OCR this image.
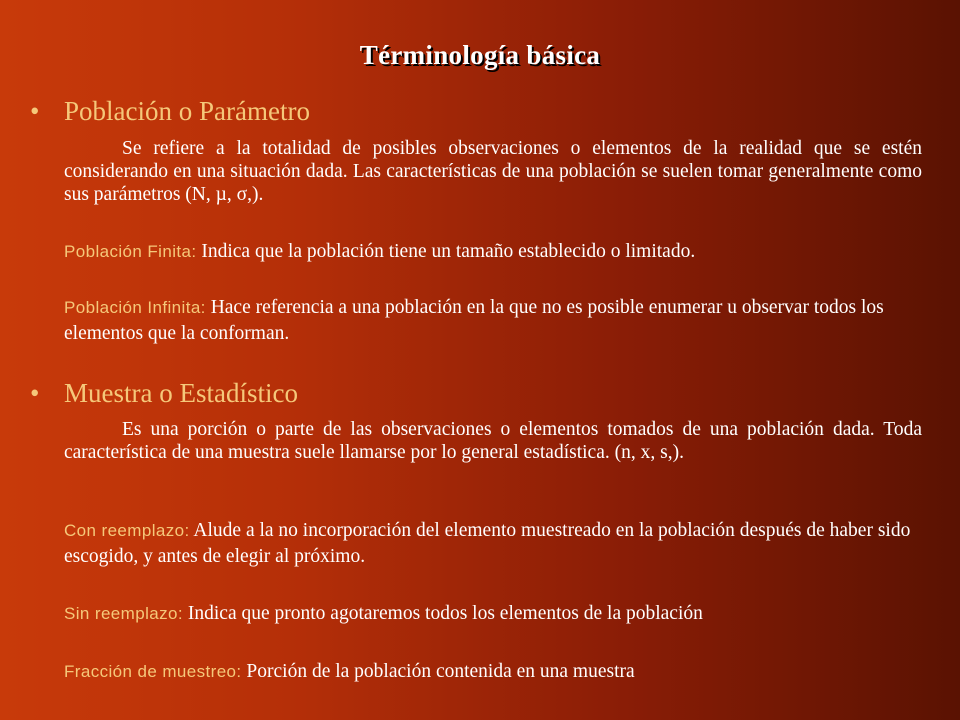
Términología básica
• Población o Parámetro
Se refiere a la totalidad de posibles observaciones o elementos de la realidad que se estén considerando en una situación dada. Las características de una población se suelen tomar generalmente como sus parámetros (N, µ, σ,).
Población Finita: Indica que la población tiene un tamaño establecido o limitado.
Población Infinita: Hace referencia a una población en la que no es posible enumerar u observar todos los elementos que la conforman.
• Muestra o Estadístico
Es una porción o parte de las observaciones o elementos tomados de una población dada. Toda característica de una muestra suele llamarse por lo general estadística. (n, x, s,).
Con reemplazo: Alude a la no incorporación del elemento muestreado en la población después de haber sido escogido, y antes de elegir al próximo.
Sin reemplazo: Indica que pronto agotaremos todos los elementos de la población
Fracción de muestreo: Porción de la población contenida en una muestra
